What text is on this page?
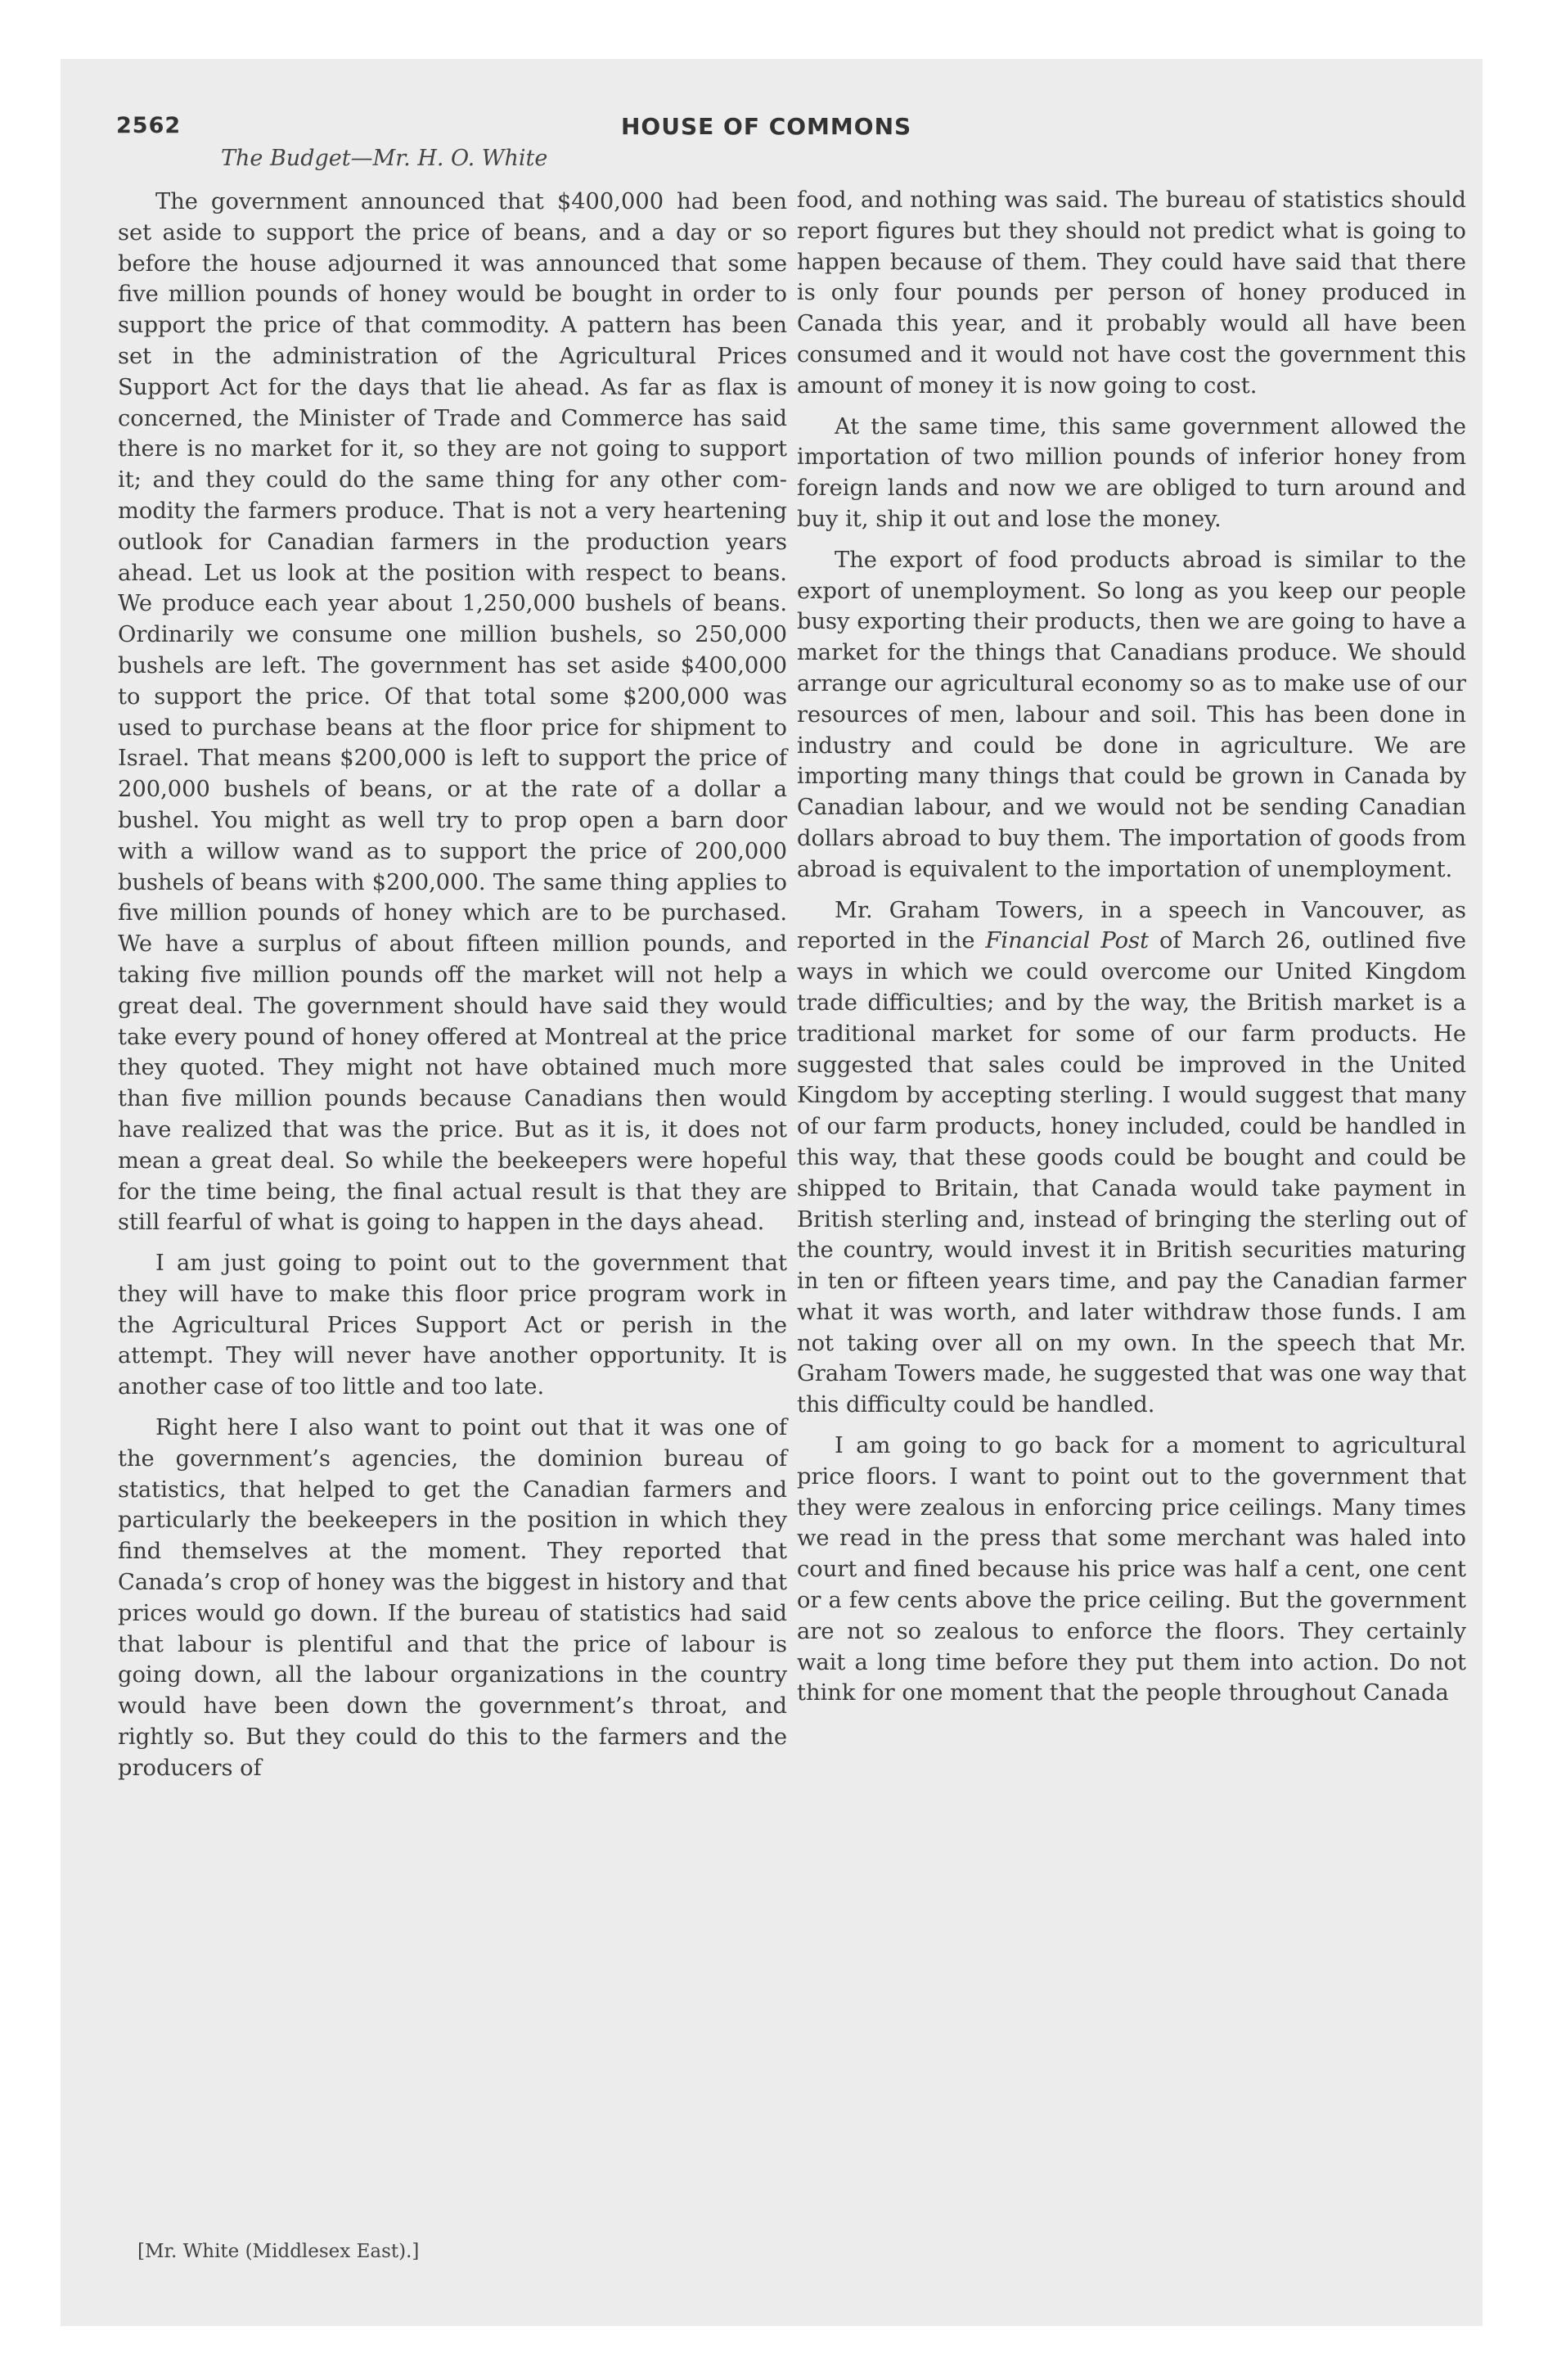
2562	HOUSE OF COMMONS
The Budget—Mr. H. O. White

The government announced that $400,000 had been set aside to support the price of beans, and a day or so before the house adjourned it was announced that some five million pounds of honey would be bought in order to support the price of that commodity. A pattern has been set in the administration of the Agricultural Prices Support Act for the days that lie ahead. As far as flax is concerned, the Minister of Trade and Commerce has said there is no market for it, so they are not going to support it; and they could do the same thing for any other commodity the farmers produce. That is not a very heartening outlook for Canadian farmers in the production years ahead. Let us look at the position with respect to beans. We produce each year about 1,250,000 bushels of beans. Ordinarily we consume one million bushels, so 250,000 bushels are left. The government has set aside $400,000 to support the price. Of that total some $200,000 was used to purchase beans at the floor price for shipment to Israel. That means $200,000 is left to support the price of 200,000 bushels of beans, or at the rate of a dollar a bushel. You might as well try to prop open a barn door with a willow wand as to support the price of 200,000 bushels of beans with $200,000. The same thing applies to five million pounds of honey which are to be purchased. We have a surplus of about fifteen million pounds, and taking five million pounds off the market will not help a great deal. The government should have said they would take every pound of honey offered at Montreal at the price they quoted. They might not have obtained much more than five million pounds because Canadians then would have realized that was the price. But as it is, it does not mean a great deal. So while the beekeepers were hopeful for the time being, the final actual result is that they are still fearful of what is going to happen in the days ahead.

I am just going to point out to the government that they will have to make this floor price program work in the Agricultural Prices Support Act or perish in the attempt. They will never have another opportunity. It is another case of too little and too late.

Right here I also want to point out that it was one of the government’s agencies, the dominion bureau of statistics, that helped to get the Canadian farmers and particularly the beekeepers in the position in which they find themselves at the moment. They reported that Canada’s crop of honey was the biggest in history and that prices would go down. If the bureau of statistics had said that labour is plentiful and that the price of labour is going down, all the labour organizations in the country would have been down the government’s throat, and rightly so. But they could do this to the farmers and the producers of

food, and nothing was said. The bureau of statistics should report figures but they should not predict what is going to happen because of them. They could have said that there is only four pounds per person of honey produced in Canada this year, and it probably would all have been consumed and it would not have cost the government this amount of money it is now going to cost.

At the same time, this same government allowed the importation of two million pounds of inferior honey from foreign lands and now we are obliged to turn around and buy it, ship it out and lose the money.

The export of food products abroad is similar to the export of unemployment. So long as you keep our people busy exporting their products, then we are going to have a market for the things that Canadians produce. We should arrange our agricultural economy so as to make use of our resources of men, labour and soil. This has been done in industry and could be done in agriculture. We are importing many things that could be grown in Canada by Canadian labour, and we would not be sending Canadian dollars abroad to buy them. The importation of goods from abroad is equivalent to the importation of unemployment.

Mr. Graham Towers, in a speech in Vancouver, as reported in the Financial Post of March 26, outlined five ways in which we could overcome our United Kingdom trade difficulties; and by the way, the British market is a traditional market for some of our farm products. He suggested that sales could be improved in the United Kingdom by accepting sterling. I would suggest that many of our farm products, honey included, could be handled in this way, that these goods could be bought and could be shipped to Britain, that Canada would take payment in British sterling and, instead of bringing the sterling out of the country, would invest it in British securities maturing in ten or fifteen years time, and pay the Canadian farmer what it was worth, and later withdraw those funds. I am not taking over all on my own. In the speech that Mr. Graham Towers made, he suggested that was one way that this difficulty could be handled.

I am going to go back for a moment to agricultural price floors. I want to point out to the government that they were zealous in enforcing price ceilings. Many times we read in the press that some merchant was haled into court and fined because his price was half a cent, one cent or a few cents above the price ceiling. But the government are not so zealous to enforce the floors. They certainly wait a long time before they put them into action. Do not think for one moment that the people throughout Canada

[Mr. White (Middlesex East).]
